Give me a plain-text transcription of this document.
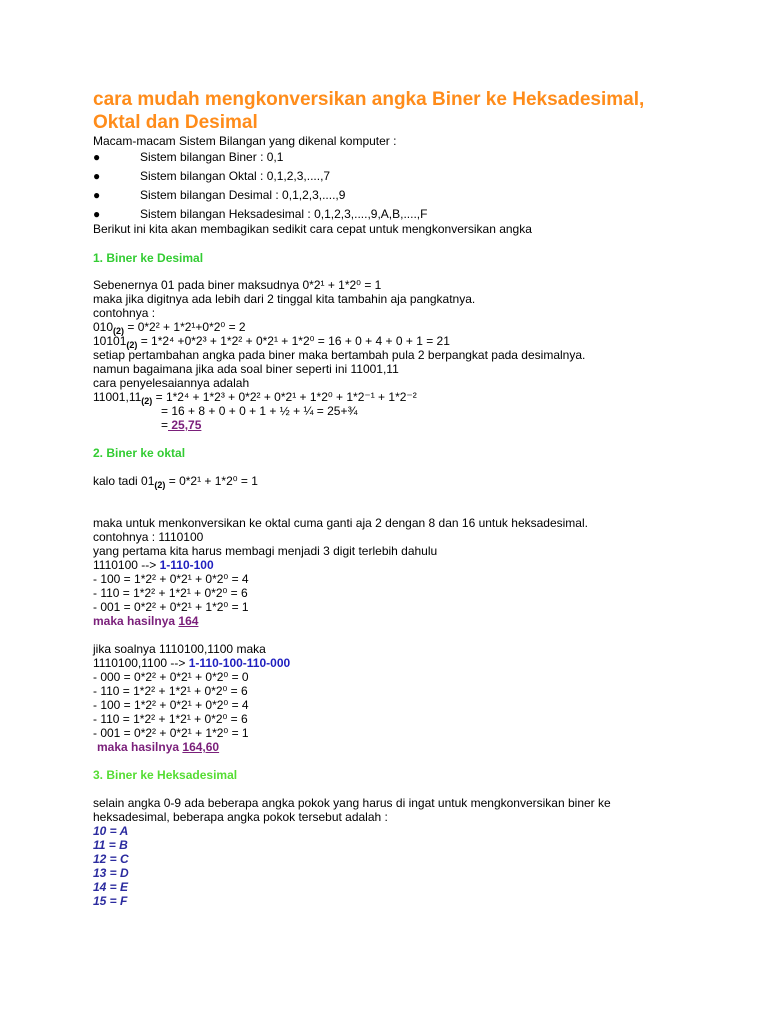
cara mudah mengkonversikan angka Biner ke Heksadesimal, Oktal dan Desimal
Macam-macam Sistem Bilangan yang dikenal komputer :
●	Sistem bilangan Biner : 0,1
●	Sistem bilangan Oktal : 0,1,2,3,....,7
●	Sistem bilangan Desimal : 0,1,2,3,....,9
●	Sistem bilangan Heksadesimal : 0,1,2,3,....,9,A,B,....,F
Berikut ini kita akan membagikan sedikit cara cepat untuk mengkonversikan angka
1. Biner ke Desimal
Sebenernya 01 pada biner maksudnya 0*2¹ + 1*2⁰ = 1
maka jika digitnya ada lebih dari 2 tinggal kita tambahin aja pangkatnya.
contohnya :
$010_{(2)} = 0*2^2 + 1*2^1+0*2^0 = 2$
$10101_{(2)} = 1*2^4 +0*2^3 + 1*2^2 + 0*2^1 + 1*2^0 = 16 + 0 + 4 + 0 + 1 = 21$
setiap pertambahan angka pada biner maka bertambah pula 2 berpangkat pada desimalnya.
namun bagaimana jika ada soal biner seperti ini 11001,11
cara penyelesaiannya adalah
$11001,11_{(2)} = 1*2^4 + 1*2^3 + 0*2^2 + 0*2^1 + 1*2^0 + 1*2^{-1} + 1*2^{-2}$
= 16 + 8 + 0 + 0 + 1 + ½ + ¼ = 25+¾
= 25,75
2. Biner ke oktal
kalo tadi $01_{(2)} = 0*2^1 + 1*2^0 = 1$
maka untuk menkonversikan ke oktal cuma ganti aja 2 dengan 8 dan 16 untuk heksadesimal.
contohnya : 1110100
yang pertama kita harus membagi menjadi 3 digit terlebih dahulu
1110100 --> 1-110-100
- 100 = 1*2² + 0*2¹ + 0*2⁰ = 4
- 110 = 1*2² + 1*2¹ + 0*2⁰ = 6
- 001 = 0*2² + 0*2¹ + 1*2⁰ = 1
maka hasilnya 164
jika soalnya 1110100,1100 maka
1110100,1100 --> 1-110-100-110-000
- 000 = 0*2² + 0*2¹ + 0*2⁰ = 0
- 110 = 1*2² + 1*2¹ + 0*2⁰ = 6
- 100 = 1*2² + 0*2¹ + 0*2⁰ = 4
- 110 = 1*2² + 1*2¹ + 0*2⁰ = 6
- 001 = 0*2² + 0*2¹ + 1*2⁰ = 1
maka hasilnya 164,60
3. Biner ke Heksadesimal
selain angka 0-9 ada beberapa angka pokok yang harus di ingat untuk mengkonversikan biner ke
heksadesimal, beberapa angka pokok tersebut adalah :
10 = A
11 = B
12 = C
13 = D
14 = E
15 = F
